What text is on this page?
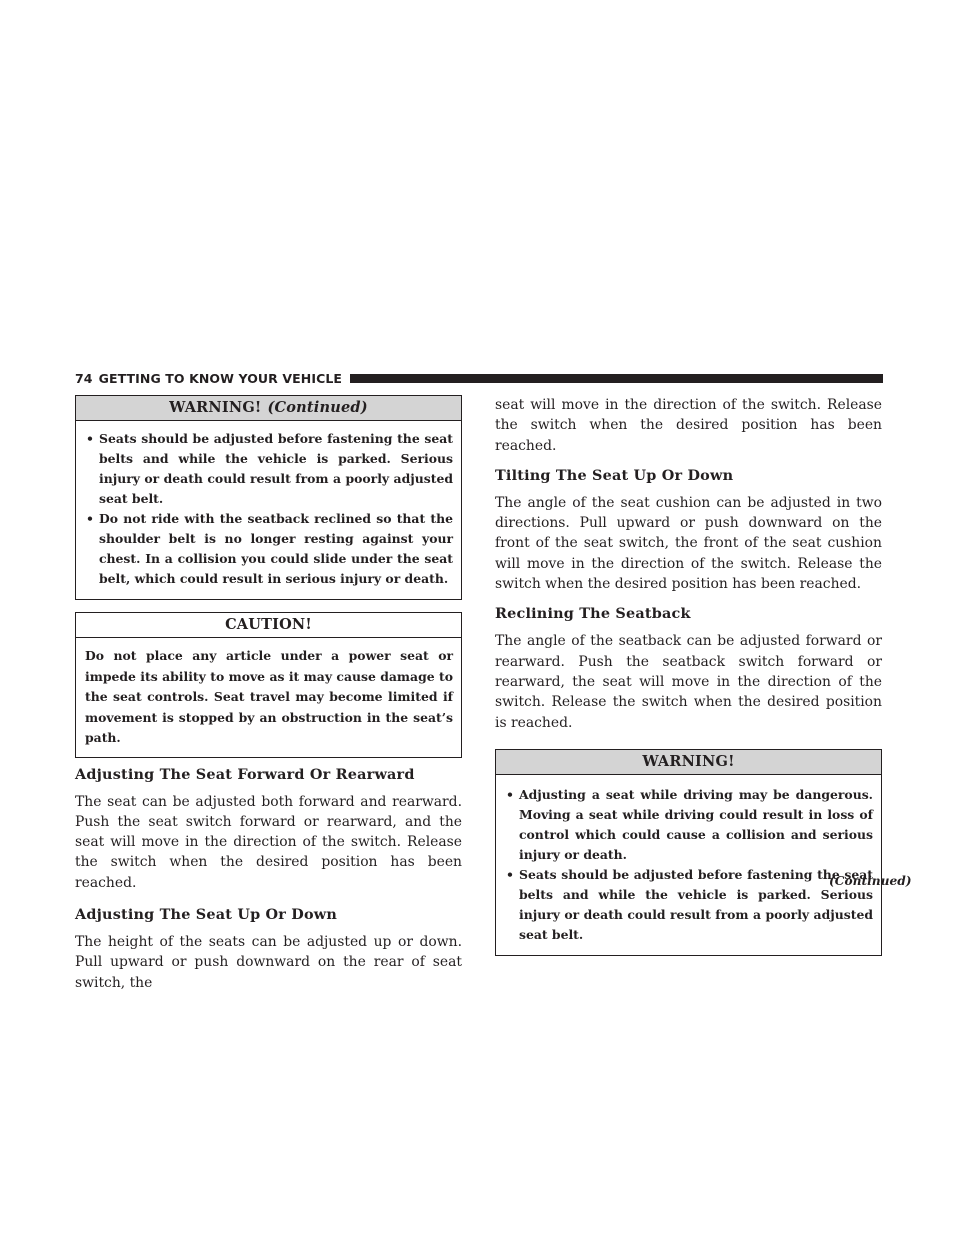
74 GETTING TO KNOW YOUR VEHICLE
WARNING! (Continued)
• Seats should be adjusted before fastening the seat belts and while the vehicle is parked. Serious injury or death could result from a poorly adjusted seat belt.
• Do not ride with the seatback reclined so that the shoulder belt is no longer resting against your chest. In a collision you could slide under the seat belt, which could result in serious injury or death.
CAUTION!

Do not place any article under a power seat or impede its ability to move as it may cause damage to the seat controls. Seat travel may become limited if movement is stopped by an obstruction in the seat’s path.

Adjusting The Seat Forward Or Rearward

The seat can be adjusted both forward and rearward. Push the seat switch forward or rearward, and the seat will move in the direction of the switch. Release the switch when the desired position has been reached.

Adjusting The Seat Up Or Down

The height of the seats can be adjusted up or down. Pull upward or push downward on the rear of seat switch, the

seat will move in the direction of the switch. Release the switch when the desired position has been reached.

Tilting The Seat Up Or Down

The angle of the seat cushion can be adjusted in two directions. Pull upward or push downward on the front of the seat switch, the front of the seat cushion will move in the direction of the switch. Release the switch when the desired position has been reached.

Reclining The Seatback

The angle of the seatback can be adjusted forward or rearward. Push the seatback switch forward or rearward, the seat will move in the direction of the switch. Release the switch when the desired position is reached.

WARNING!
• Adjusting a seat while driving may be dangerous. Moving a seat while driving could result in loss of control which could cause a collision and serious injury or death.
• Seats should be adjusted before fastening the seat belts and while the vehicle is parked. Serious injury or death could result from a poorly adjusted seat belt.
(Continued)
